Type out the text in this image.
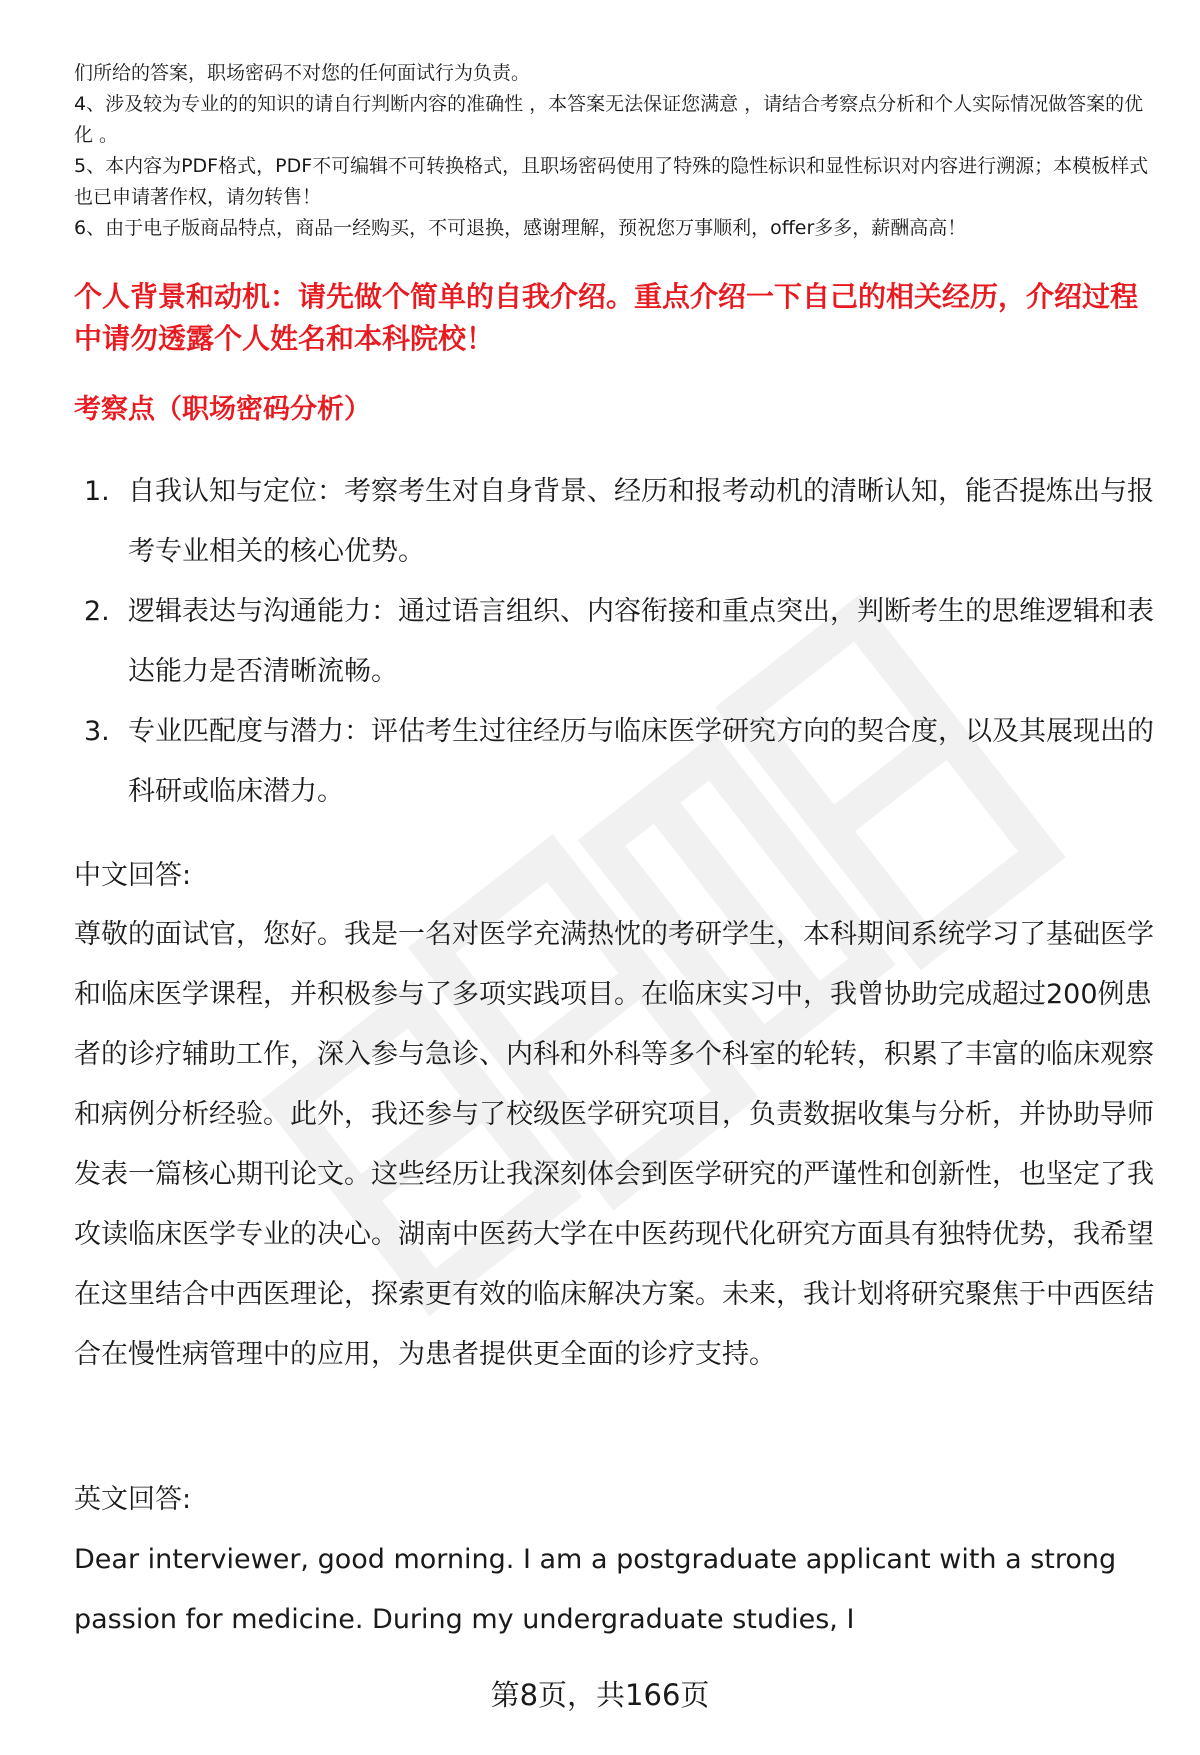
们所给的答案，职场密码不对您的任何面试行为负责。

4、涉及较为专业的的知识的请自行判断内容的准确性 ，本答案无法保证您满意 ，请结合考察点分析和个人实际情况做答案的优化 。

5、本内容为PDF格式，PDF不可编辑不可转换格式，且职场密码使用了特殊的隐性标识和显性标识对内容进行溯源；本模板样式也已申请著作权，请勿转售！

6、由于电子版商品特点，商品一经购买，不可退换，感谢理解，预祝您万事顺利，offer多多，薪酬高高！

个人背景和动机：请先做个简单的自我介绍。重点介绍一下自己的相关经历，介绍过程中请勿透露个人姓名和本科院校！
考察点（职场密码分析）
1. 自我认知与定位：考察考生对自身背景、经历和报考动机的清晰认知，能否提炼出与报考专业相关的核心优势。
2. 逻辑表达与沟通能力：通过语言组织、内容衔接和重点突出，判断考生的思维逻辑和表达能力是否清晰流畅。
3. 专业匹配度与潜力：评估考生过往经历与临床医学研究方向的契合度，以及其展现出的科研或临床潜力。
中文回答:

尊敬的面试官，您好。我是一名对医学充满热忱的考研学生，本科期间系统学习了基础医学和临床医学课程，并积极参与了多项实践项目。在临床实习中，我曾协助完成超过200例患者的诊疗辅助工作，深入参与急诊、内科和外科等多个科室的轮转，积累了丰富的临床观察和病例分析经验。此外，我还参与了校级医学研究项目，负责数据收集与分析，并协助导师发表一篇核心期刊论文。这些经历让我深刻体会到医学研究的严谨性和创新性，也坚定了我攻读临床医学专业的决心。湖南中医药大学在中医药现代化研究方面具有独特优势，我希望在这里结合中西医理论，探索更有效的临床解决方案。未来，我计划将研究聚焦于中西医结合在慢性病管理中的应用，为患者提供更全面的诊疗支持。

英文回答:

Dear interviewer, good morning. I am a postgraduate applicant with a strong passion for medicine. During my undergraduate studies, I

第8页，共166页
